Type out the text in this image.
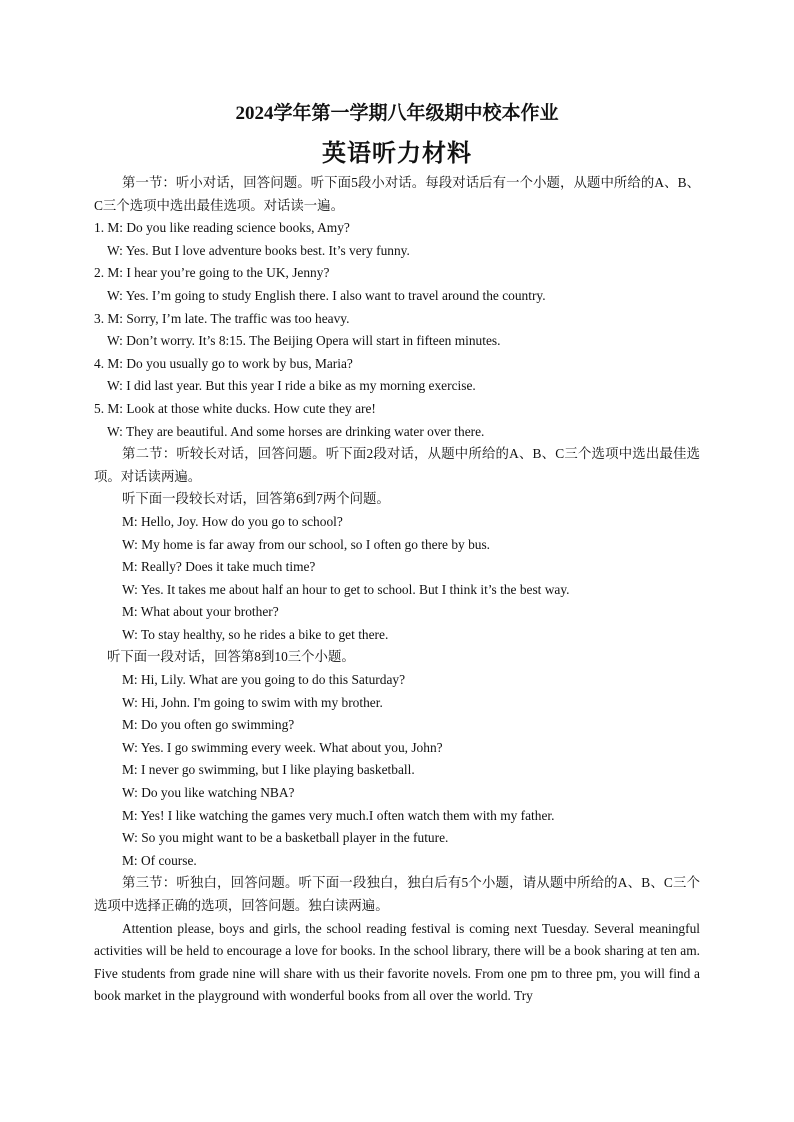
2024学年第一学期八年级期中校本作业
英语听力材料

第一节：听小对话，回答问题。听下面5段小对话。每段对话后有一个小题，从题中所给的A、B、C三个选项中选出最佳选项。对话读一遍。

1. M: Do you like reading science books, Amy?

W: Yes. But I love adventure books best. It’s very funny.

2. M: I hear you’re going to the UK, Jenny?

W: Yes. I’m going to study English there. I also want to travel around the country.

3. M: Sorry, I’m late. The traffic was too heavy.

W: Don’t worry. It’s 8:15. The Beijing Opera will start in fifteen minutes.

4. M: Do you usually go to work by bus, Maria?

W: I did last year. But this year I ride a bike as my morning exercise.

5. M: Look at those white ducks. How cute they are!

W: They are beautiful. And some horses are drinking water over there.

第二节：听较长对话，回答问题。听下面2段对话，从题中所给的A、B、C三个选项中选出最佳选项。对话读两遍。

听下面一段较长对话，回答第6到7两个问题。

M: Hello, Joy. How do you go to school?

W: My home is far away from our school, so I often go there by bus.

M: Really? Does it take much time?

W: Yes. It takes me about half an hour to get to school. But I think it’s the best way.

M: What about your brother?

W: To stay healthy, so he rides a bike to get there.

听下面一段对话，回答第8到10三个小题。

M: Hi, Lily. What are you going to do this Saturday?

W: Hi, John. I'm going to swim with my brother.

M: Do you often go swimming?

W: Yes. I go swimming every week. What about you, John?

M: I never go swimming, but I like playing basketball.

W: Do you like watching NBA?

M: Yes! I like watching the games very much.I often watch them with my father.

W: So you might want to be a basketball player in the future.

M: Of course.

第三节：听独白，回答问题。听下面一段独白，独白后有5个小题，请从题中所给的A、B、C三个选项中选择正确的选项，回答问题。独白读两遍。

Attention please, boys and girls, the school reading festival is coming next Tuesday. Several meaningful activities will be held to encourage a love for books. In the school library, there will be a book sharing at ten am. Five students from grade nine will share with us their favorite novels. From one pm to three pm, you will find a book market in the playground with wonderful books from all over the world. Try
